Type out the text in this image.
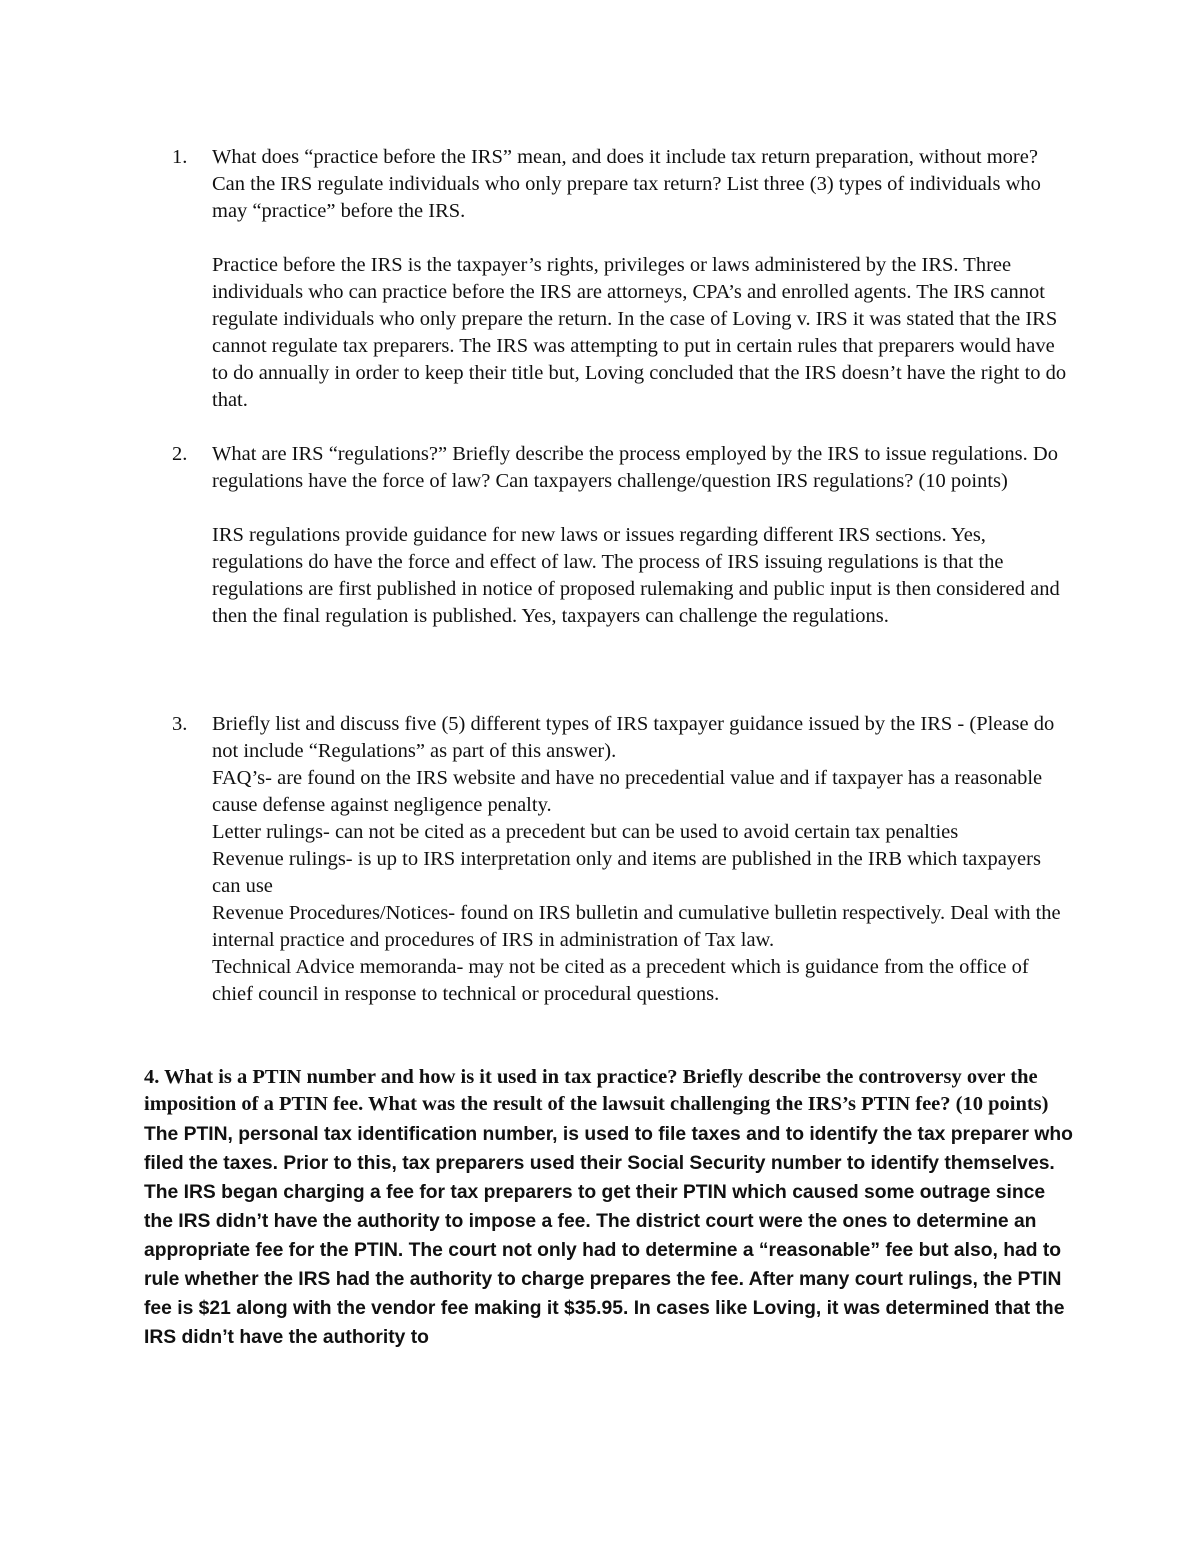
1. What does “practice before the IRS” mean, and does it include tax return preparation, without more? Can the IRS regulate individuals who only prepare tax return? List three (3) types of individuals who may “practice” before the IRS.

Practice before the IRS is the taxpayer’s rights, privileges or laws administered by the IRS. Three individuals who can practice before the IRS are attorneys, CPA’s and enrolled agents. The IRS cannot regulate individuals who only prepare the return. In the case of Loving v. IRS it was stated that the IRS cannot regulate tax preparers. The IRS was attempting to put in certain rules that preparers would have to do annually in order to keep their title but, Loving concluded that the IRS doesn’t have the right to do that.

2. What are IRS “regulations?” Briefly describe the process employed by the IRS to issue regulations. Do regulations have the force of law? Can taxpayers challenge/question IRS regulations? (10 points)

IRS regulations provide guidance for new laws or issues regarding different IRS sections. Yes, regulations do have the force and effect of law. The process of IRS issuing regulations is that the regulations are first published in notice of proposed rulemaking and public input is then considered and then the final regulation is published. Yes, taxpayers can challenge the regulations.

3. Briefly list and discuss five (5) different types of IRS taxpayer guidance issued by the IRS - (Please do not include “Regulations” as part of this answer).

FAQ’s- are found on the IRS website and have no precedential value and if taxpayer has a reasonable cause defense against negligence penalty.

Letter rulings- can not be cited as a precedent but can be used to avoid certain tax penalties

Revenue rulings- is up to IRS interpretation only and items are published in the IRB which taxpayers can use

Revenue Procedures/Notices- found on IRS bulletin and cumulative bulletin respectively. Deal with the internal practice and procedures of IRS in administration of Tax law.

Technical Advice memoranda- may not be cited as a precedent which is guidance from the office of chief council in response to technical or procedural questions.

4. What is a PTIN number and how is it used in tax practice? Briefly describe the controversy over the imposition of a PTIN fee. What was the result of the lawsuit challenging the IRS’s PTIN fee? (10 points)

The PTIN, personal tax identification number, is used to file taxes and to identify the tax preparer who filed the taxes. Prior to this, tax preparers used their Social Security number to identify themselves. The IRS began charging a fee for tax preparers to get their PTIN which caused some outrage since the IRS didn’t have the authority to impose a fee. The district court were the ones to determine an appropriate fee for the PTIN. The court not only had to determine a “reasonable” fee but also, had to rule whether the IRS had the authority to charge prepares the fee. After many court rulings, the PTIN fee is $21 along with the vendor fee making it $35.95. In cases like Loving, it was determined that the IRS didn’t have the authority to
